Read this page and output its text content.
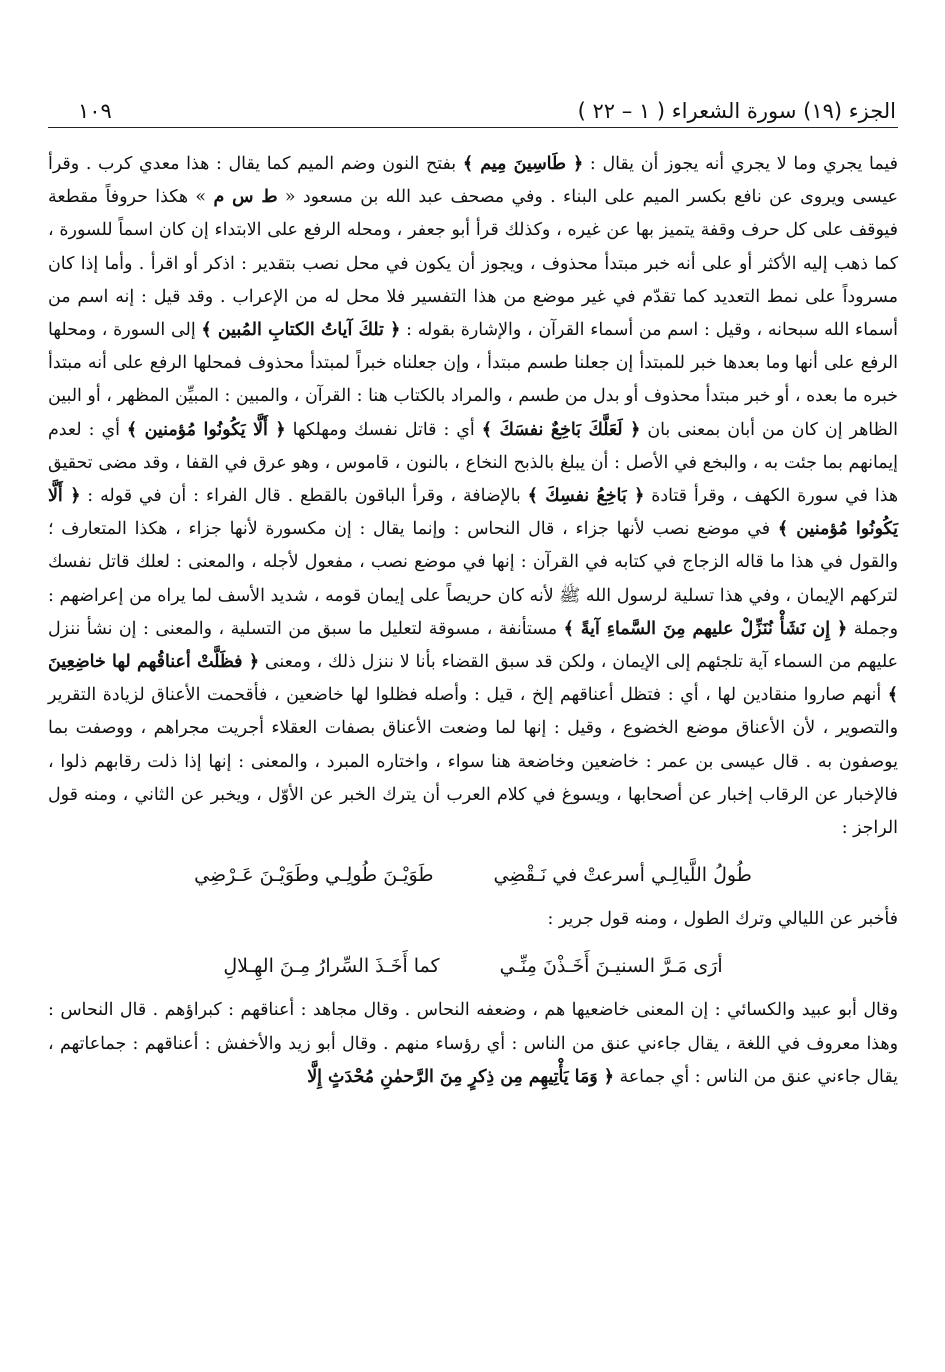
الجزء (١٩) سورة الشعراء ( ١ – ٢٢ )
١٠٩

فيما يجري وما لا يجري أنه يجوز أن يقال : ﴿ طَاسِينَ مِيم ﴾ بفتح النون وضم الميم كما يقال : هذا معدي كرب . وقرأ عيسى ويروى عن نافع بكسر الميم على البناء . وفي مصحف عبد الله بن مسعود « ط س م » هكذا حروفاً مقطعة فيوقف على كل حرف وقفة يتميز بها عن غيره ، وكذلك قرأ أبو جعفر ، ومحله الرفع على الابتداء إن كان اسماً للسورة ، كما ذهب إليه الأكثر أو على أنه خبر مبتدأ محذوف ، ويجوز أن يكون في محل نصب بتقدير : اذكر أو اقرأ . وأما إذا كان مسروداً على نمط التعديد كما تقدّم في غير موضع من هذا التفسير فلا محل له من الإعراب . وقد قيل : إنه اسم من أسماء الله سبحانه ، وقيل : اسم من أسماء القرآن ، والإشارة بقوله : ﴿ تلكَ آياتُ الكتابِ المُبين ﴾ إلى السورة ، ومحلها الرفع على أنها وما بعدها خبر للمبتدأ إن جعلنا طسم مبتدأ ، وإن جعلناه خبراً لمبتدأ محذوف فمحلها الرفع على أنه مبتدأ خبره ما بعده ، أو خبر مبتدأ محذوف أو بدل من طسم ، والمراد بالكتاب هنا : القرآن ، والمبين : المبيِّن المظهر ، أو البين الظاهر إن كان من أبان بمعنى بان ﴿ لَعَلَّكَ بَاخِعٌ نفسَكَ ﴾ أي : قاتل نفسك ومهلكها ﴿ أَلَّا يَكُونُوا مُؤمنين ﴾ أي : لعدم إيمانهم بما جئت به ، والبخع في الأصل : أن يبلغ بالذبح النخاع ، بالنون ، قاموس ، وهو عرق في القفا ، وقد مضى تحقيق هذا في سورة الكهف ، وقرأ قتادة ﴿ بَاخِعُ نفسِكَ ﴾ بالإضافة ، وقرأ الباقون بالقطع . قال الفراء : أن في قوله : ﴿ أَلَّا يَكُونُوا مُؤمنين ﴾ في موضع نصب لأنها جزاء ، قال النحاس : وإنما يقال : إن مكسورة لأنها جزاء ، هكذا المتعارف ؛ والقول في هذا ما قاله الزجاج في كتابه في القرآن : إنها في موضع نصب ، مفعول لأجله ، والمعنى : لعلك قاتل نفسك لتركهم الإيمان ، وفي هذا تسلية لرسول الله ﷺ لأنه كان حريصاً على إيمان قومه ، شديد الأسف لما يراه من إعراضهم : وجملة ﴿ إِن نَشَأْ نُنَزِّلْ عليهم مِنَ السَّماءِ آيةً ﴾ مستأنفة ، مسوقة لتعليل ما سبق من التسلية ، والمعنى : إن نشأ ننزل عليهم من السماء آية تلجئهم إلى الإيمان ، ولكن قد سبق القضاء بأنا لا ننزل ذلك ، ومعنى ﴿ فظَلَّتْ أعناقُهم لها خاضِعِينَ ﴾ أنهم صاروا منقادين لها ، أي : فتظل أعناقهم إلخ ، قيل : وأصله فظلوا لها خاضعين ، فأقحمت الأعناق لزيادة التقرير والتصوير ، لأن الأعناق موضع الخضوع ، وقيل : إنها لما وضعت الأعناق بصفات العقلاء أجريت مجراهم ، ووصفت بما يوصفون به . قال عيسى بن عمر : خاضعين وخاضعة هنا سواء ، واختاره المبرد ، والمعنى : إنها إذا ذلت رقابهم ذلوا ، فالإخبار عن الرقاب إخبار عن أصحابها ، ويسوغ في كلام العرب أن يترك الخبر عن الأوّل ، ويخبر عن الثاني ، ومنه قول الراجز :

طُولُ اللَّيالِـي أسرعتْ في نَـقْضِي
طَوَيْـنَ طُولِـي وطَوَيْـنَ عَـرْضِي

فأخبر عن الليالي وترك الطول ، ومنه قول جرير :

أرَى مَـرَّ السنيـنَ أَخَـذْنَ مِنِّـي
كما أَخَـذَ السِّرارُ مِـنَ الهِـلالِ

وقال أبو عبيد والكسائي : إن المعنى خاضعيها هم ، وضعفه النحاس . وقال مجاهد : أعناقهم : كبراؤهم . قال النحاس : وهذا معروف في اللغة ، يقال جاءني عنق من الناس : أي رؤساء منهم . وقال أبو زيد والأخفش : أعناقهم : جماعاتهم ، يقال جاءني عنق من الناس : أي جماعة ﴿ وَمَا يَأْتِيهِم مِن ذِكرٍ مِنَ الرَّحمٰنِ مُحْدَثٍ إِلَّا
